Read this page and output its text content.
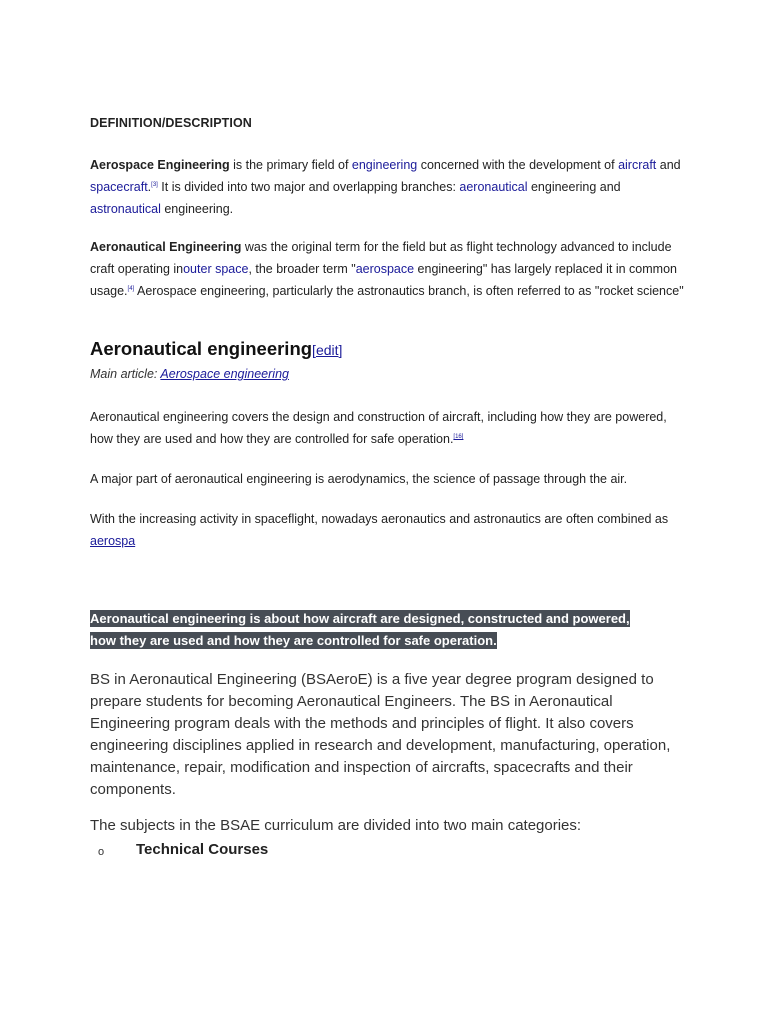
DEFINITION/DESCRIPTION

Aerospace Engineering is the primary field of engineering concerned with the development of aircraft and spacecraft.[3] It is divided into two major and overlapping branches: aeronautical engineering and astronautical engineering.

Aeronautical Engineering was the original term for the field but as flight technology advanced to include craft operating inouter space, the broader term "aerospace engineering" has largely replaced it in common usage.[4] Aerospace engineering, particularly the astronautics branch, is often referred to as "rocket science"

Aeronautical engineering[edit]
Main article: Aerospace engineering

Aeronautical engineering covers the design and construction of aircraft, including how they are powered, how they are used and how they are controlled for safe operation.[16]

A major part of aeronautical engineering is aerodynamics, the science of passage through the air.

With the increasing activity in spaceflight, nowadays aeronautics and astronautics are often combined as aerospa

Aeronautical engineering is about how aircraft are designed, constructed and powered, how they are used and how they are controlled for safe operation.

BS in Aeronautical Engineering (BSAeroE) is a five year degree program designed to prepare students for becoming Aeronautical Engineers. The BS in Aeronautical Engineering program deals with the methods and principles of flight. It also covers engineering disciplines applied in research and development, manufacturing, operation, maintenance, repair, modification and inspection of aircrafts, spacecrafts and their components.

The subjects in the BSAE curriculum are divided into two main categories:

o Technical Courses
